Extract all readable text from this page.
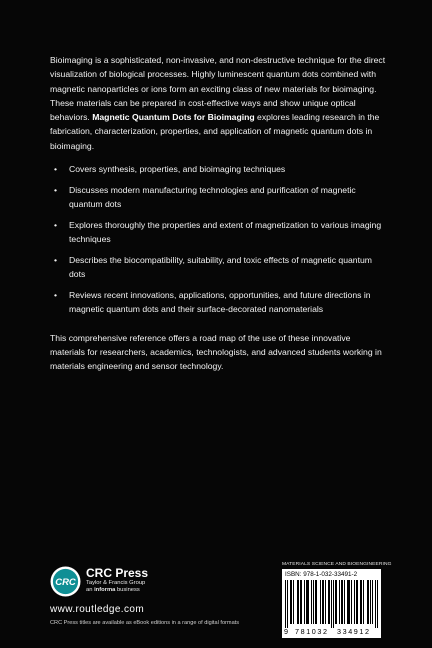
Bioimaging is a sophisticated, non-invasive, and non-destructive technique for the direct visualization of biological processes. Highly luminescent quantum dots combined with magnetic nanoparticles or ions form an exciting class of new materials for bioimaging. These materials can be prepared in cost-effective ways and show unique optical behaviors. Magnetic Quantum Dots for Bioimaging explores leading research in the fabrication, characterization, properties, and application of magnetic quantum dots in bioimaging.

• Covers synthesis, properties, and bioimaging techniques
• Discusses modern manufacturing technologies and purification of magnetic quantum dots
• Explores thoroughly the properties and extent of magnetization to various imaging techniques
• Describes the biocompatibility, suitability, and toxic effects of magnetic quantum dots
• Reviews recent innovations, applications, opportunities, and future directions in magnetic quantum dots and their surface-decorated nanomaterials

This comprehensive reference offers a road map of the use of these innovative materials for researchers, academics, technologists, and advanced students working in materials engineering and sensor technology.

CRC
CRC Press
Taylor & Francis Group
an informa business
www.routledge.com
CRC Press titles are available as eBook editions in a range of digital formats
MATERIALS SCIENCE AND BIOENGINEERING
ISBN: 978-1-032-33491-2
9 781032 334912
